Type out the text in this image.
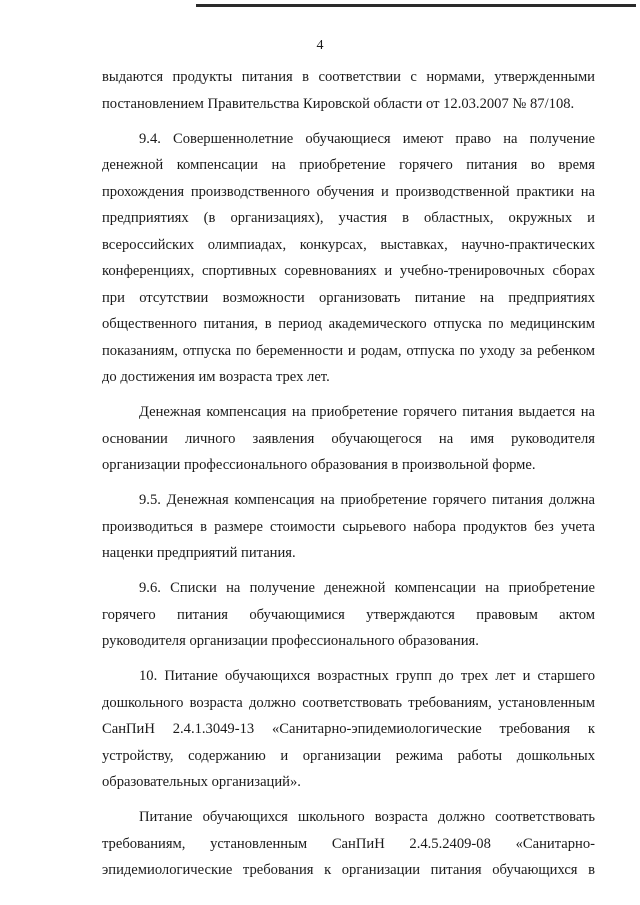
4

выдаются продукты питания в соответствии с нормами, утвержденными
постановлением Правительства Кировской области от 12.03.2007 № 87/108.

9.4. Совершеннолетние обучающиеся имеют право на получение
денежной компенсации на приобретение горячего питания во время
прохождения производственного обучения и производственной практики на
предприятиях (в организациях), участия в областных, окружных и
всероссийских олимпиадах, конкурсах, выставках, научно-практических
конференциях, спортивных соревнованиях и учебно-тренировочных сборах
при отсутствии возможности организовать питание на предприятиях
общественного питания, в период академического отпуска по медицинским
показаниям, отпуска по беременности и родам, отпуска по уходу за ребенком
до достижения им возраста трех лет.

Денежная компенсация на приобретение горячего питания выдается на
основании личного заявления обучающегося на имя руководителя
организации профессионального образования в произвольной форме.

9.5. Денежная компенсация на приобретение горячего питания должна
производиться в размере стоимости сырьевого набора продуктов без учета
наценки предприятий питания.

9.6. Списки на получение денежной компенсации на приобретение
горячего питания обучающимися утверждаются правовым актом
руководителя организации профессионального образования.

10. Питание обучающихся возрастных групп до трех лет и старшего
дошкольного возраста должно соответствовать требованиям, установленным
СанПиН 2.4.1.3049-13 «Санитарно-эпидемиологические требования к
устройству, содержанию и организации режима работы дошкольных
образовательных организаций».

Питание обучающихся школьного возраста должно соответствовать
требованиям, установленным СанПиН 2.4.5.2409-08 «Санитарно-
эпидемиологические требования к организации питания обучающихся в
